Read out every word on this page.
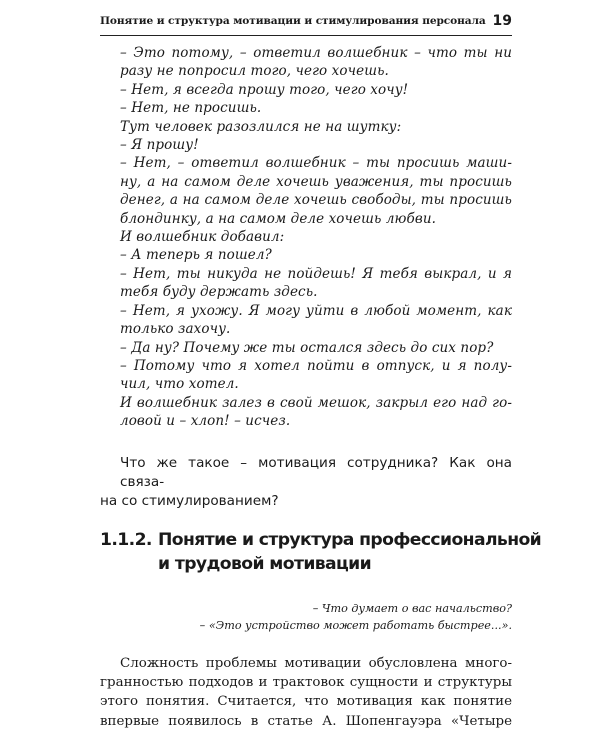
Понятие и структура мотивации и стимулирования персонала 19
– Это потому, – ответил волшебник – что ты ни
разу не попросил того, чего хочешь.
– Нет, я всегда прошу того, чего хочу!
– Нет, не просишь.
Тут человек разозлился не на шутку:
– Я прошу!
– Нет, – ответил волшебник – ты просишь маши-
ну, а на самом деле хочешь уважения, ты просишь
денег, а на самом деле хочешь свободы, ты просишь
блондинку, а на самом деле хочешь любви.
И волшебник добавил:
– А теперь я пошел?
– Нет, ты никуда не пойдешь! Я тебя выкрал, и я
тебя буду держать здесь.
– Нет, я ухожу. Я могу уйти в любой момент, как
только захочу.
– Да ну? Почему же ты остался здесь до сих пор?
– Потому что я хотел пойти в отпуск, и я полу-
чил, что хотел.
И волшебник залез в свой мешок, закрыл его над го-
ловой и – хлоп! – исчез.
Что же такое – мотивация сотрудника? Как она связа-
на со стимулированием?
1.1.2. Понятие и структура профессиональной
и трудовой мотивации
– Что думает о вас начальство?
– «Это устройство может работать быстрее...».
Сложность проблемы мотивации обусловлена много-
гранностью подходов и трактовок сущности и структуры
этого понятия. Считается, что мотивация как понятие
впервые появилось в статье А. Шопенгауэра «Четыре
